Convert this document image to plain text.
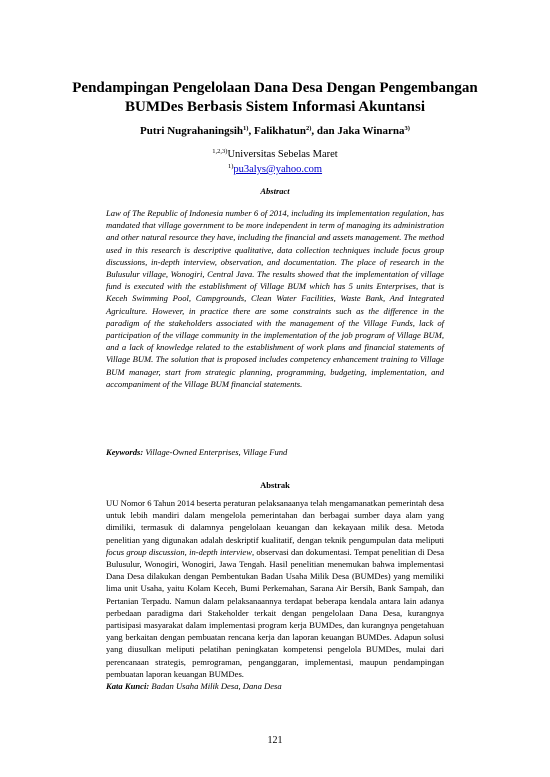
Pendampingan Pengelolaan Dana Desa Dengan Pengembangan
BUMDes Berbasis Sistem Informasi Akuntansi
Putri Nugrahaningsih$^{1)}$, Falikhatun$^{2)}$, dan Jaka Winarna$^{3)}$
$^{1,2,3)}$Universitas Sebelas Maret
$^{1)}$pu3alys@yahoo.com
Abstract
Law of The Republic of Indonesia number 6 of 2014, including its implementation regulation, has mandated that village government to be more independent in term of managing its administration and other natural resource they have, including the financial and assets management. The method used in this research is descriptive qualitative, data collection techniques include focus group discussions, in-depth interview, observation, and documentation. The place of research in the Bulusulur village, Wonogiri, Central Java. The results showed that the implementation of village fund is executed with the establishment of Village BUM which has 5 units Enterprises, that is Keceh Swimming Pool, Campgrounds, Clean Water Facilities, Waste Bank, And Integrated Agriculture. However, in practice there are some constraints such as the difference in the paradigm of the stakeholders associated with the management of the Village Funds, lack of participation of the village community in the implementation of the job program of Village BUM, and a lack of knowledge related to the establishment of work plans and financial statements of Village BUM. The solution that is proposed includes competency enhancement training to Village BUM manager, start from strategic planning, programming, budgeting, implementation, and accompaniment of the Village BUM financial statements.
Keywords: Village-Owned Enterprises, Village Fund
Abstrak
UU Nomor 6 Tahun 2014 beserta peraturan pelaksanaanya telah mengamanatkan pemerintah desa untuk lebih mandiri dalam mengelola pemerintahan dan berbagai sumber daya alam yang dimiliki, termasuk di dalamnya pengelolaan keuangan dan kekayaan milik desa. Metoda penelitian yang digunakan adalah deskriptif kualitatif, dengan teknik pengumpulan data meliputi focus group discussion, in-depth interview, observasi dan dokumentasi. Tempat penelitian di Desa Bulusulur, Wonogiri, Wonogiri, Jawa Tengah. Hasil penelitian menemukan bahwa implementasi Dana Desa dilakukan dengan Pembentukan Badan Usaha Milik Desa (BUMDes) yang memiliki lima unit Usaha, yaitu Kolam Keceh, Bumi Perkemahan, Sarana Air Bersih, Bank Sampah, dan Pertanian Terpadu. Namun dalam pelaksanaannya terdapat beberapa kendala antara lain adanya perbedaan paradigma dari Stakeholder terkait dengan pengelolaan Dana Desa, kurangnya partisipasi masyarakat dalam implementasi program kerja BUMDes, dan kurangnya pengetahuan yang berkaitan dengan pembuatan rencana kerja dan laporan keuangan BUMDes. Adapun solusi yang diusulkan meliputi pelatihan peningkatan kompetensi pengelola BUMDes, mulai dari perencanaan strategis, pemrograman, penganggaran, implementasi, maupun pendampingan pembuatan laporan keuangan BUMDes.
Kata Kunci: Badan Usaha Milik Desa, Dana Desa
121
